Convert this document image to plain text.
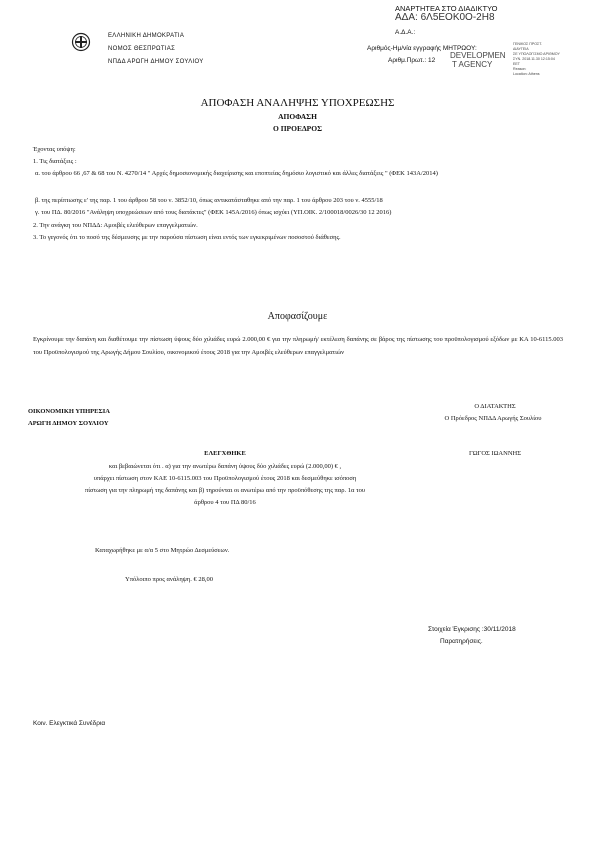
ΕΛΛΗΝΙΚΗ ΔΗΜΟΚΡΑΤΙΑ
ΝΟΜΟΣ ΘΕΣΠΡΩΤΙΑΣ
ΝΠΔΔ ΑΡΩΓΗ ΔΗΜΟΥ ΣΟΥΛΙΟΥ
ΑΝΑΡΤΗΤΕΑ ΣΤΟ ΔΙΑΔΙΚΤΥΟ
ΑΔΑ: 6Λ5ΕΟΚ0Ο-2Η8
Α.Δ.Α.:
Αριθμός-Ημ/νία εγγραφής ΜΗΤΡΩΟΥ:
Αριθμ.Πρωτ.: 12
DEVELOPMEN
T AGENCY
ΓΕΝΙΚΟΣ ΠΡΟΣΤ.
ΔΙΑΥΓΕΙΑ
ΣΕ ΥΠΟΛΟΓΙΣΜΟ ΑΡΙΘΜΟΥ
ΣΥΝ. 2018.11.30 12:15:04
EET
Reason:
Location: Athens
ΑΠΟΦΑΣΗ ΑΝΑΛΗΨΗΣ ΥΠΟΧΡΕΩΣΗΣ
ΑΠΟΦΑΣΗ
Ο ΠΡΟΕΔΡΟΣ
Έχοντας υπόψη:
1. Τις διατάξεις :
α. του άρθρου 66 ,67 & 68 του Ν. 4270/14 " Αρχές δημοσιονομικής διαχείρισης και εποπτείας δημόσιο λογιστικό και άλλες διατάξεις " (ΦΕΚ 143Α/2014)
β. της περίπτωσης ε' της παρ. 1 του άρθρου 58 του ν. 3852/10, όπως αντικατάσταθηκε από την παρ. 1 του άρθρου 203 του ν. 4555/18
γ. του ΠΔ. 80/2016 "Ανάληψη υποχρεώσεων από τους διατάκτες" (ΦΕΚ 145Α/2016) όπως ισχύει (ΥΠ.ΟΙΚ. 2/100018/0026/30 12 2016)
2. Την ανάγκη του ΝΠΔΔ: Αμοιβές ελεύθερων επαγγελματιών.
3. Το γεγονός ότι το ποσό της δέσμευσης με την παρούσα πίστωση είναι εντός των εγκεκριμένων ποσοστού διάθεσης.
Αποφασίζουμε
Εγκρίνουμε την δαπάνη και διαθέτουμε την πίστωση ύψους δύο χιλιάδες ευρώ 2.000,00 € για την πληρωμή/ εκτέλεση δαπάνης σε βάρος της πίστωσης του προϋπολογισμού εξόδων με ΚΑ 10-6115.003 του Προϋπολογισμού της Αρωγής Δήμου Σουλίου, οικονομικού έτους 2018 για την Αμοιβές ελεύθερων επαγγελματιών
ΟΙΚΟΝΟΜΙΚΗ ΥΠΗΡΕΣΙΑ
ΑΡΩΓΗ ΔΗΜΟΥ ΣΟΥΛΙΟΥ
Ο ΔΙΑΤΑΚΤΗΣ
Ο Πρόεδρος ΝΠΔΔ Αρωγής Σουλίου
ΓΩΓΟΣ ΙΩΑΝΝΗΣ
ΕΛΕΓΧΘΗΚΕ
και βεβαιώνεται ότι . α) για την ανωτέρω δαπάνη ύψους δύο χιλιάδες ευρώ (2.000,00) € ,
υπάρχει πίστωση στον ΚΑΕ 10-6115.003 του Προϋπολογισμού έτους 2018 και δεσμεύθηκε ισόποση
πίστωση για την πληρωμή της δαπάνης και β) τηρούνται οι ανωτέρω από την προϋπόθεσης της παρ. 1α του
άρθρου 4 του ΠΔ 80/16
Καταχωρήθηκε με α/α 5 στο Μητρώο Δεσμεύσεων.
Υπόλοιπο προς ανάληψη. € 28,00
Στοιχεία Έγκρισης :30/11/2018
Παρατηρήσεις.
Κοιν. Ελεγκτικά Συνέδρια
